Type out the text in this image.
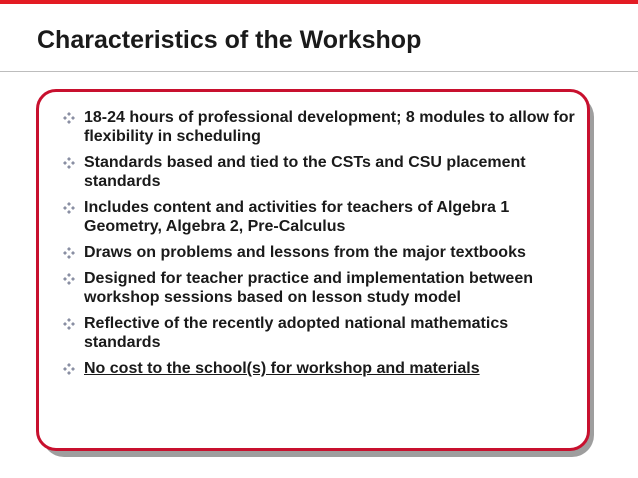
Characteristics of the Workshop
18-24 hours of professional development; 8 modules to allow for flexibility in scheduling
Standards based and tied to the CSTs and CSU placement standards
Includes content and activities for teachers of Algebra 1 Geometry, Algebra 2, Pre-Calculus
Draws on problems and lessons from the major textbooks
Designed for teacher practice and implementation between workshop sessions based on lesson study model
Reflective of the recently adopted national mathematics standards
No cost to the school(s) for workshop and materials
